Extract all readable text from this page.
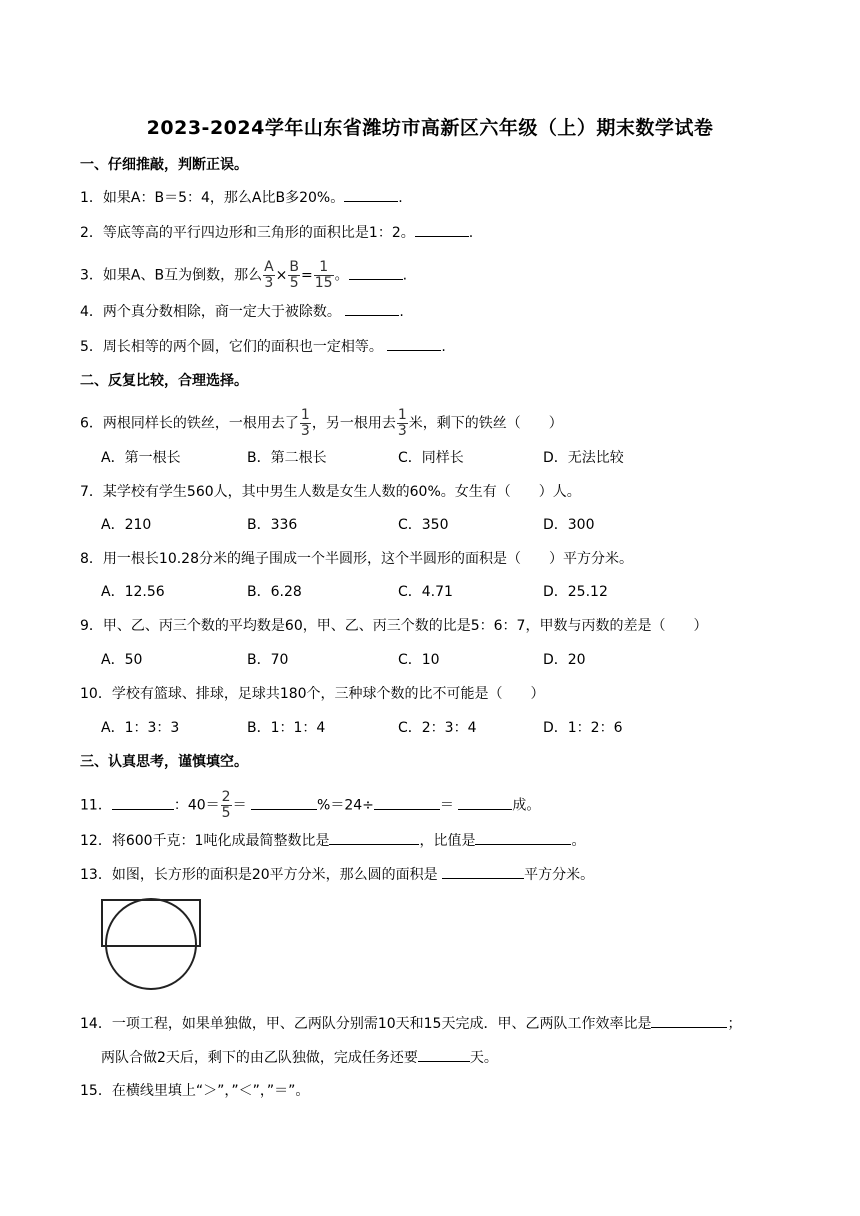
2023-2024学年山东省潍坊市高新区六年级（上）期末数学试卷
一、仔细推敲，判断正误。
1．如果A：B＝5：4，那么A比B多20%。	.
2．等底等高的平行四边形和三角形的面积比是1：2。	.
3．如果A、B互为倒数，那么 $\frac{A}{3} \times \frac{B}{5} = \frac{1}{15}$ 。	.
4．两个真分数相除，商一定大于被除数。	.
5．周长相等的两个圆，它们的面积也一定相等。	.
二、反复比较，合理选择。
6．两根同样长的铁丝，一根用去了 $\frac{1}{3}$ ，另一根用去 $\frac{1}{3}$ 米，剩下的铁丝（　　）
A．第一根长	B．第二根长	C．同样长	D．无法比较
7．某学校有学生560人，其中男生人数是女生人数的60%。女生有（　　）人。
A．210	B．336	C．350	D．300
8．用一根长10.28分米的绳子围成一个半圆形，这个半圆形的面积是（　　）平方分米。
A．12.56	B．6.28	C．4.71	D．25.12
9．甲、乙、丙三个数的平均数是60，甲、乙、丙三个数的比是5：6：7，甲数与丙数的差是（　　）
A．50	B．70	C．10	D．20
10．学校有篮球、排球，足球共180个，三种球个数的比不可能是（　　）
A．1：3：3	B．1：1：4	C．2：3：4	D．1：2：6
三、认真思考，谨慎填空。
11．	：$40= \frac{2}{5}$ ＝	%＝24÷	＝	成。
12．将600千克：1吨化成最简整数比是	，比值是	。
13．如图，长方形的面积是20平方分米，那么圆的面积是	平方分米。
14．一项工程，如果单独做，甲、乙两队分别需10天和15天完成．甲、乙两队工作效率比是	；
两队合做2天后，剩下的由乙队独做，完成任务还要	天。
15．在横线里填上“＞”，”＜”，”＝”。
